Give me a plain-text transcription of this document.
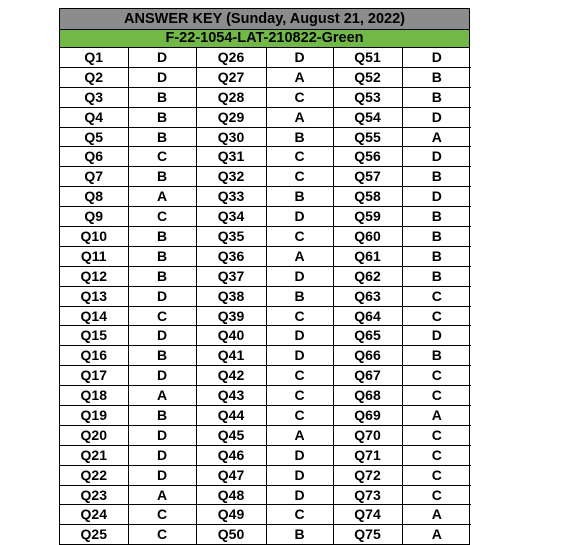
ANSWER KEY (Sunday, August 21, 2022)
F-22-1054-LAT-210822-Green
Q1	D	Q26	D	Q51	D
Q2	D	Q27	A	Q52	B
Q3	B	Q28	C	Q53	B
Q4	B	Q29	A	Q54	D
Q5	B	Q30	B	Q55	A
Q6	C	Q31	C	Q56	D
Q7	B	Q32	C	Q57	B
Q8	A	Q33	B	Q58	D
Q9	C	Q34	D	Q59	B
Q10	B	Q35	C	Q60	B
Q11	B	Q36	A	Q61	B
Q12	B	Q37	D	Q62	B
Q13	D	Q38	B	Q63	C
Q14	C	Q39	C	Q64	C
Q15	D	Q40	D	Q65	D
Q16	B	Q41	D	Q66	B
Q17	D	Q42	C	Q67	C
Q18	A	Q43	C	Q68	C
Q19	B	Q44	C	Q69	A
Q20	D	Q45	A	Q70	C
Q21	D	Q46	D	Q71	C
Q22	D	Q47	D	Q72	C
Q23	A	Q48	D	Q73	C
Q24	C	Q49	C	Q74	A
Q25	C	Q50	B	Q75	A
